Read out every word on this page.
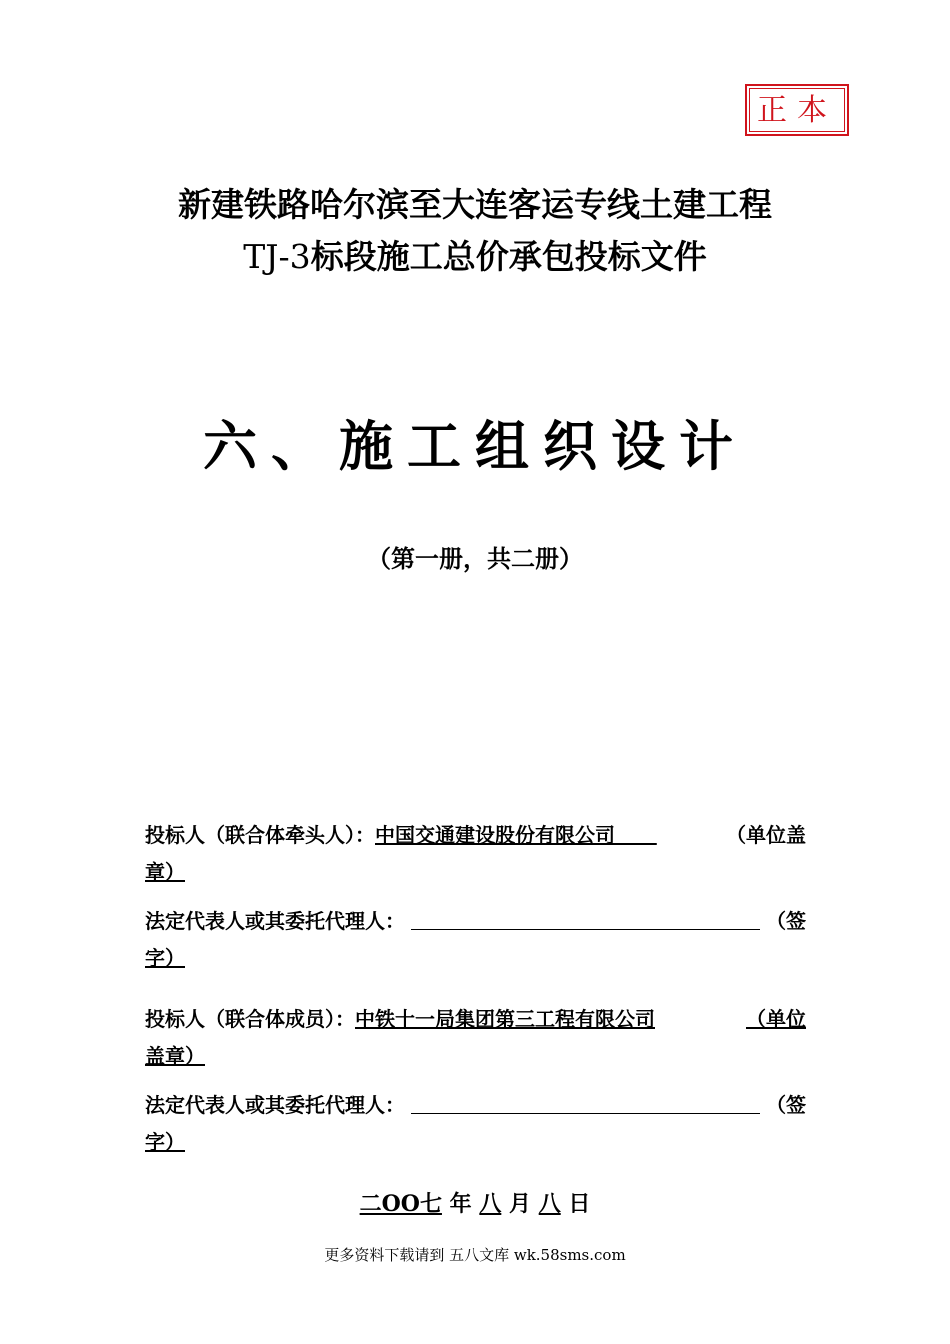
正本
新建铁路哈尔滨至大连客运专线土建工程
TJ-3标段施工总价承包投标文件
六、施工组织设计
（第一册，共二册）
投标人（联合体牵头人）：中国交通建设股份有限公司	（单位盖
章）
法定代表人或其委托代理人：	（签
字）
投标人（联合体成员）：中铁十一局集团第三工程有限公司	（单位
盖章）
法定代表人或其委托代理人：	（签
字）
二OO七 年 八 月 八 日
更多资料下载请到 五八文库 wk.58sms.com
